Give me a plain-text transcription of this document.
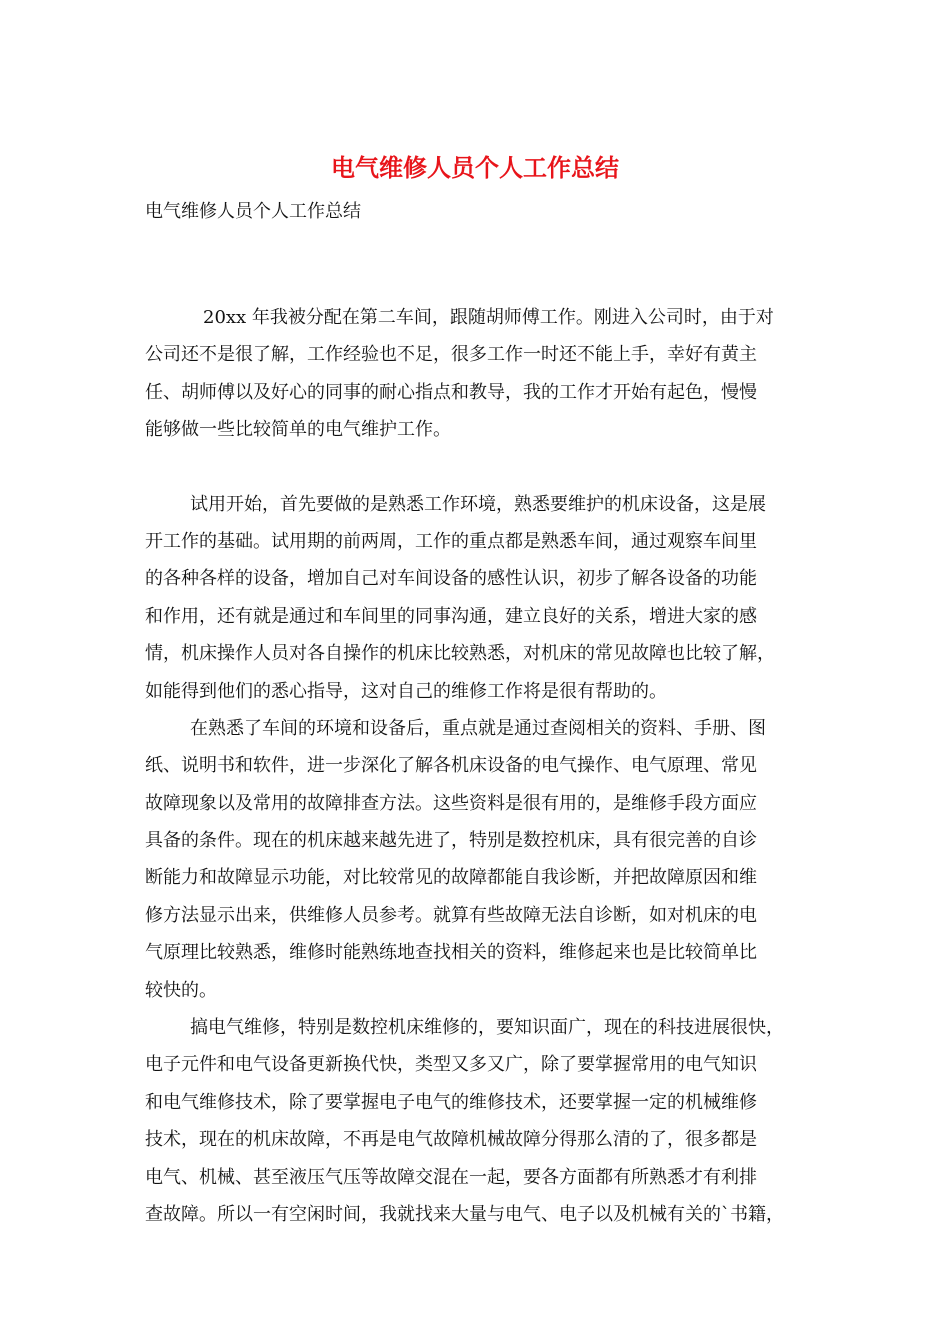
电气维修人员个人工作总结

电气维修人员个人工作总结

20xx 年我被分配在第二车间，跟随胡师傅工作。刚进入公司时，由于对
公司还不是很了解，工作经验也不足，很多工作一时还不能上手，幸好有黄主
任、胡师傅以及好心的同事的耐心指点和教导，我的工作才开始有起色，慢慢
能够做一些比较简单的电气维护工作。
试用开始，首先要做的是熟悉工作环境，熟悉要维护的机床设备，这是展
开工作的基础。试用期的前两周，工作的重点都是熟悉车间，通过观察车间里
的各种各样的设备，增加自己对车间设备的感性认识，初步了解各设备的功能
和作用，还有就是通过和车间里的同事沟通，建立良好的关系，增进大家的感
情，机床操作人员对各自操作的机床比较熟悉，对机床的常见故障也比较了解，
如能得到他们的悉心指导，这对自己的维修工作将是很有帮助的。
在熟悉了车间的环境和设备后，重点就是通过查阅相关的资料、手册、图
纸、说明书和软件，进一步深化了解各机床设备的电气操作、电气原理、常见
故障现象以及常用的故障排查方法。这些资料是很有用的，是维修手段方面应
具备的条件。现在的机床越来越先进了，特别是数控机床，具有很完善的自诊
断能力和故障显示功能，对比较常见的故障都能自我诊断，并把故障原因和维
修方法显示出来，供维修人员参考。就算有些故障无法自诊断，如对机床的电
气原理比较熟悉，维修时能熟练地查找相关的资料，维修起来也是比较简单比
较快的。
搞电气维修，特别是数控机床维修的，要知识面广，现在的科技进展很快，
电子元件和电气设备更新换代快，类型又多又广，除了要掌握常用的电气知识
和电气维修技术，除了要掌握电子电气的维修技术，还要掌握一定的机械维修
技术，现在的机床故障，不再是电气故障机械故障分得那么清的了，很多都是
电气、机械、甚至液压气压等故障交混在一起，要各方面都有所熟悉才有利排
查故障。所以一有空闲时间，我就找来大量与电气、电子以及机械有关的`书籍，
